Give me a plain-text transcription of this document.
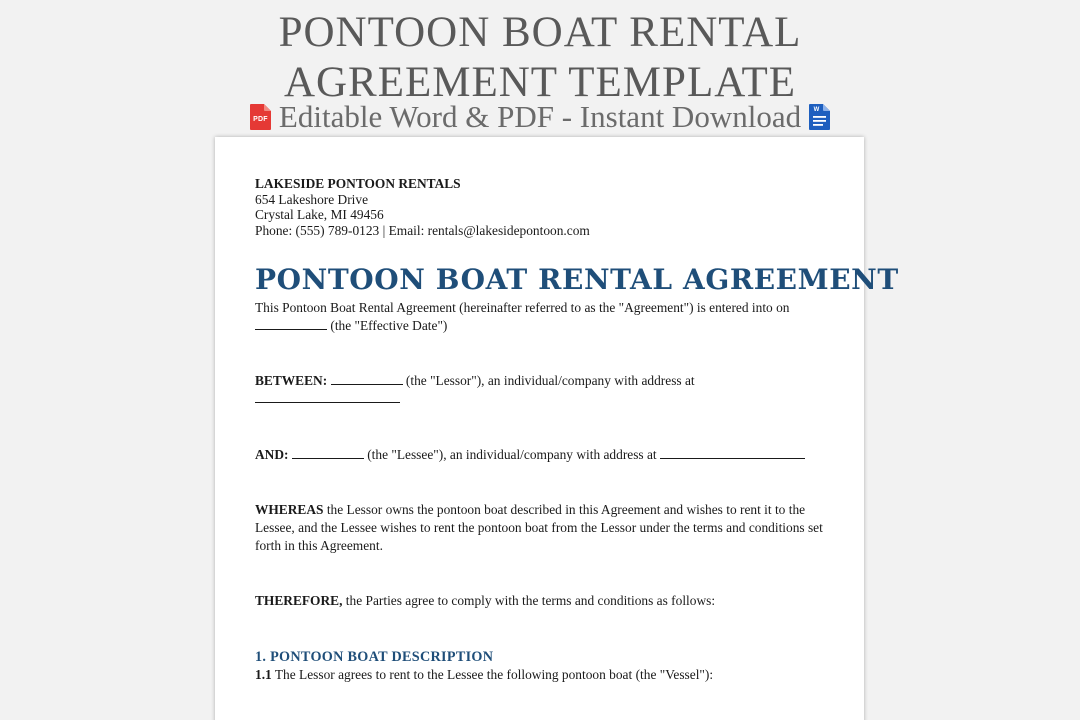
PONTOON BOAT RENTAL
AGREEMENT TEMPLATE
PDF Editable Word & PDF - Instant Download	W
LAKESIDE PONTOON RENTALS
654 Lakeshore Drive
Crystal Lake, MI 49456
Phone: (555) 789-0123 | Email: rentals@lakesidepontoon.com
PONTOON BOAT RENTAL AGREEMENT
This Pontoon Boat Rental Agreement (hereinafter referred to as the "Agreement") is entered into on  (the "Effective Date")
BETWEEN:	(the "Lessor"), an individual/company with address at

AND:	(the "Lessee"), an individual/company with address at
WHEREAS the Lessor owns the pontoon boat described in this Agreement and wishes to rent it to the Lessee, and the Lessee wishes to rent the pontoon boat from the Lessor under the terms and conditions set forth in this Agreement.
THEREFORE, the Parties agree to comply with the terms and conditions as follows:
1. PONTOON BOAT DESCRIPTION
1.1 The Lessor agrees to rent to the Lessee the following pontoon boat (the "Vessel"):
